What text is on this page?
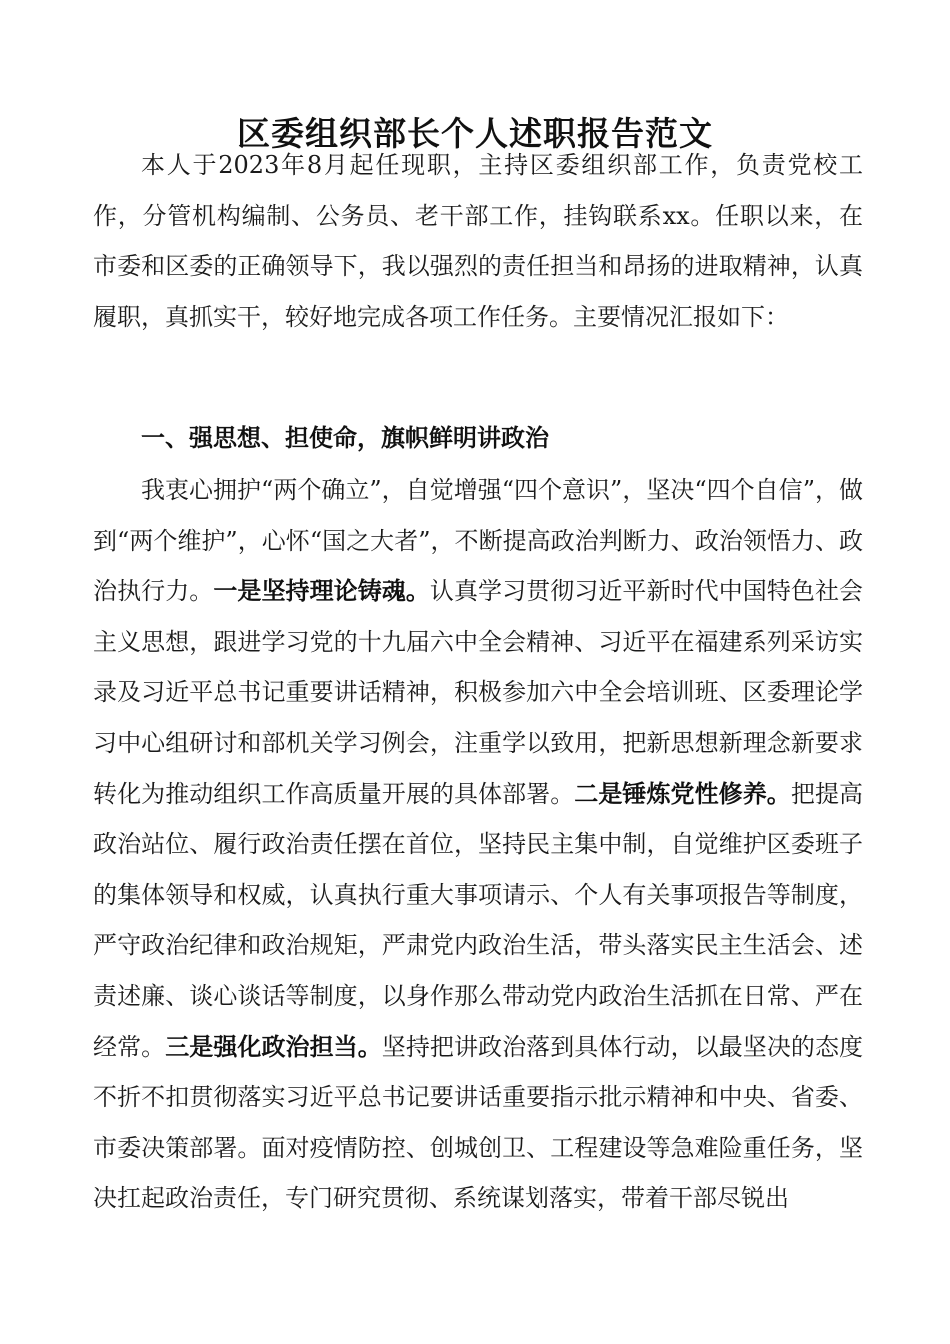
区委组织部长个人述职报告范文

本人于2023年8月起任现职，主持区委组织部工作，负责党校工作，分管机构编制、公务员、老干部工作，挂钩联系xx。任职以来，在市委和区委的正确领导下，我以强烈的责任担当和昂扬的进取精神，认真履职，真抓实干，较好地完成各项工作任务。主要情况汇报如下：

一、强思想、担使命，旗帜鲜明讲政治

我衷心拥护“两个确立”，自觉增强“四个意识”，坚决“四个自信”，做到“两个维护”，心怀“国之大者”，不断提高政治判断力、政治领悟力、政治执行力。一是坚持理论铸魂。认真学习贯彻习近平新时代中国特色社会主义思想，跟进学习党的十九届六中全会精神、习近平在福建系列采访实录及习近平总书记重要讲话精神，积极参加六中全会培训班、区委理论学习中心组研讨和部机关学习例会，注重学以致用，把新思想新理念新要求转化为推动组织工作高质量开展的具体部署。二是锤炼党性修养。把提高政治站位、履行政治责任摆在首位，坚持民主集中制，自觉维护区委班子的集体领导和权威，认真执行重大事项请示、个人有关事项报告等制度，严守政治纪律和政治规矩，严肃党内政治生活，带头落实民主生活会、述责述廉、谈心谈话等制度，以身作那么带动党内政治生活抓在日常、严在经常。三是强化政治担当。坚持把讲政治落到具体行动，以最坚决的态度不折不扣贯彻落实习近平总书记要讲话重要指示批示精神和中央、省委、市委决策部署。面对疫情防控、创城创卫、工程建设等急难险重任务，坚决扛起政治责任，专门研究贯彻、系统谋划落实，带着干部尽锐出
